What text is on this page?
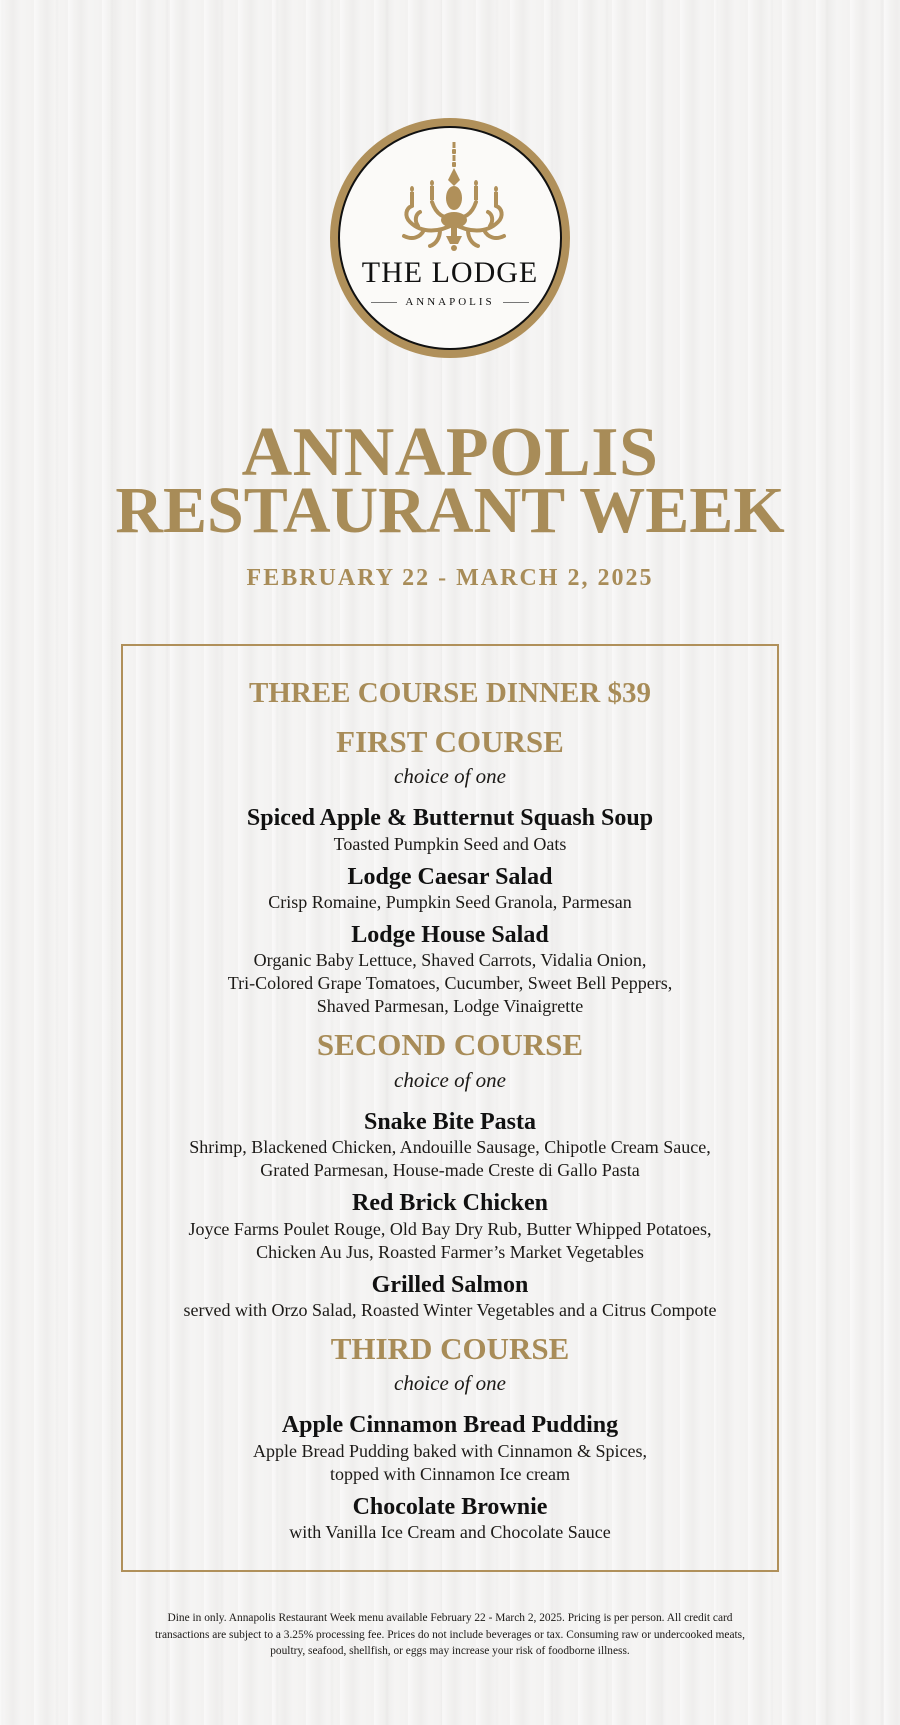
THE LODGE
ANNAPOLIS
ANNAPOLIS
RESTAURANT WEEK
FEBRUARY 22 - MARCH 2, 2025
THREE COURSE DINNER $39
FIRST COURSE
choice of one
Spiced Apple & Butternut Squash Soup
Toasted Pumpkin Seed and Oats
Lodge Caesar Salad
Crisp Romaine, Pumpkin Seed Granola, Parmesan
Lodge House Salad
Organic Baby Lettuce, Shaved Carrots, Vidalia Onion,
Tri-Colored Grape Tomatoes, Cucumber, Sweet Bell Peppers,
Shaved Parmesan, Lodge Vinaigrette
SECOND COURSE
choice of one
Snake Bite Pasta
Shrimp, Blackened Chicken, Andouille Sausage, Chipotle Cream Sauce,
Grated Parmesan, House-made Creste di Gallo Pasta
Red Brick Chicken
Joyce Farms Poulet Rouge, Old Bay Dry Rub, Butter Whipped Potatoes,
Chicken Au Jus, Roasted Farmer’s Market Vegetables
Grilled Salmon
served with Orzo Salad, Roasted Winter Vegetables and a Citrus Compote
THIRD COURSE
choice of one
Apple Cinnamon Bread Pudding
Apple Bread Pudding baked with Cinnamon & Spices,
topped with Cinnamon Ice cream
Chocolate Brownie
with Vanilla Ice Cream and Chocolate Sauce
Dine in only. Annapolis Restaurant Week menu available February 22 - March 2, 2025. Pricing is per person. All credit card
transactions are subject to a 3.25% processing fee. Prices do not include beverages or tax. Consuming raw or undercooked meats,
poultry, seafood, shellfish, or eggs may increase your risk of foodborne illness.
